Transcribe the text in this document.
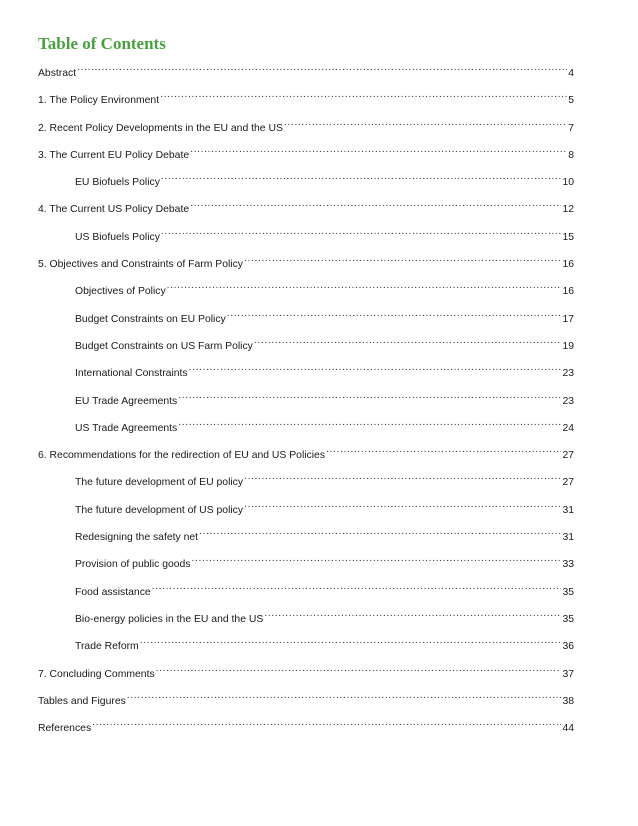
Table of Contents
Abstract .....	4
1. The Policy Environment .....	5
2. Recent Policy Developments in the EU and the US .....	7
3. The Current EU Policy Debate .....	8
EU Biofuels Policy .....	10
4. The Current US Policy Debate .....	12
US Biofuels Policy .....	15
5. Objectives and Constraints of Farm Policy .....	16
Objectives of Policy .....	16
Budget Constraints on EU Policy .....	17
Budget Constraints on US Farm Policy .....	19
International Constraints .....	23
EU Trade Agreements .....	23
US Trade Agreements .....	24
6. Recommendations for the redirection of EU and US Policies .....	27
The future development of EU policy .....	27
The future development of US policy .....	31
Redesigning the safety net .....	31
Provision of public goods .....	33
Food assistance .....	35
Bio-energy policies in the EU and the US .....	35
Trade Reform .....	36
7. Concluding Comments .....	37
Tables and Figures .....	38
References .....	44
